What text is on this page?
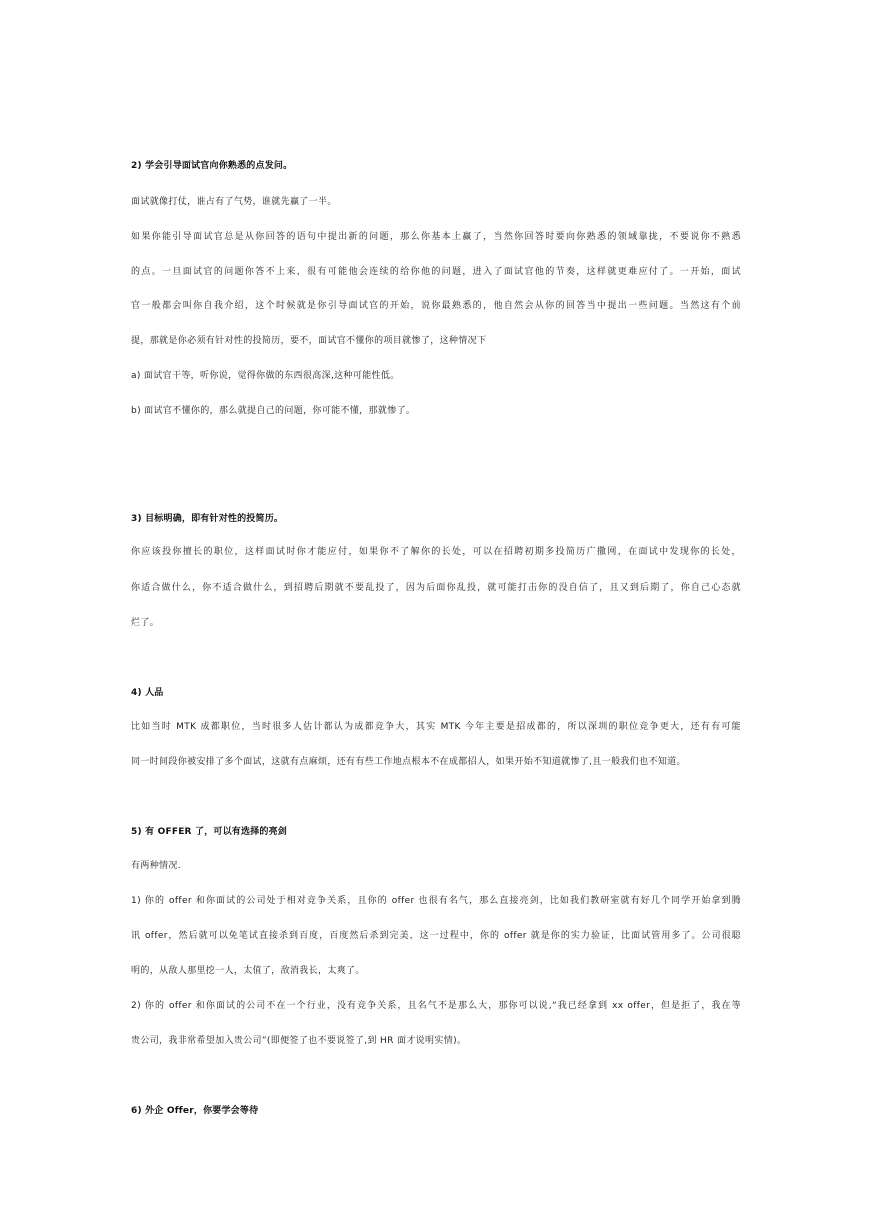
2) 学会引导面试官向你熟悉的点发问。
面试就像打仗，谁占有了气势，谁就先赢了一半。
如果你能引导面试官总是从你回答的语句中提出新的问题，那么你基本上赢了，当然你回答时要向你熟悉的领域靠拢，不要说你不熟悉
的点。一旦面试官的问题你答不上来，很有可能他会连续的给你他的问题，进入了面试官他的节奏，这样就更难应付了。一开始，面试
官一般都会叫你自我介绍，这个时候就是你引导面试官的开始，说你最熟悉的，他自然会从你的回答当中提出一些问题。当然这有个前
提，那就是你必须有针对性的投简历，要不，面试官不懂你的项目就惨了，这种情况下
a) 面试官干等，听你说，觉得你做的东西很高深,这种可能性低。
b) 面试官不懂你的，那么就提自己的问题，你可能不懂，那就惨了。
3) 目标明确，即有针对性的投简历。
你应该投你擅长的职位，这样面试时你才能应付，如果你不了解你的长处，可以在招聘初期多投简历广撒网，在面试中发现你的长处，
你适合做什么，你不适合做什么，到招聘后期就不要乱投了，因为后面你乱投，就可能打击你的没自信了，且又到后期了，你自己心态就
烂了。
4) 人品
比如当时 MTK 成都职位，当时很多人估计都认为成都竞争大，其实 MTK 今年主要是招成都的，所以深圳的职位竞争更大，还有有可能
同一时间段你被安排了多个面试，这就有点麻烦，还有有些工作地点根本不在成都招人，如果开始不知道就惨了,且一般我们也不知道。
5) 有 OFFER 了，可以有选择的亮剑
有两种情况.
1) 你的 offer 和你面试的公司处于相对竞争关系，且你的 offer 也很有名气，那么直接亮剑，比如我们教研室就有好几个同学开始拿到腾
讯 offer，然后就可以免笔试直接杀到百度，百度然后杀到完美，这一过程中，你的 offer 就是你的实力验证，比面试管用多了。公司很聪
明的，从敌人那里挖一人，太值了，敌消我长，太爽了。
2) 你的 offer 和你面试的公司不在一个行业，没有竞争关系，且名气不是那么大，那你可以说,“我已经拿到 xx offer，但是拒了，我在等
贵公司，我非常希望加入贵公司”(即便签了也不要说签了,到 HR 面才说明实情)。
6) 外企 Offer，你要学会等待
